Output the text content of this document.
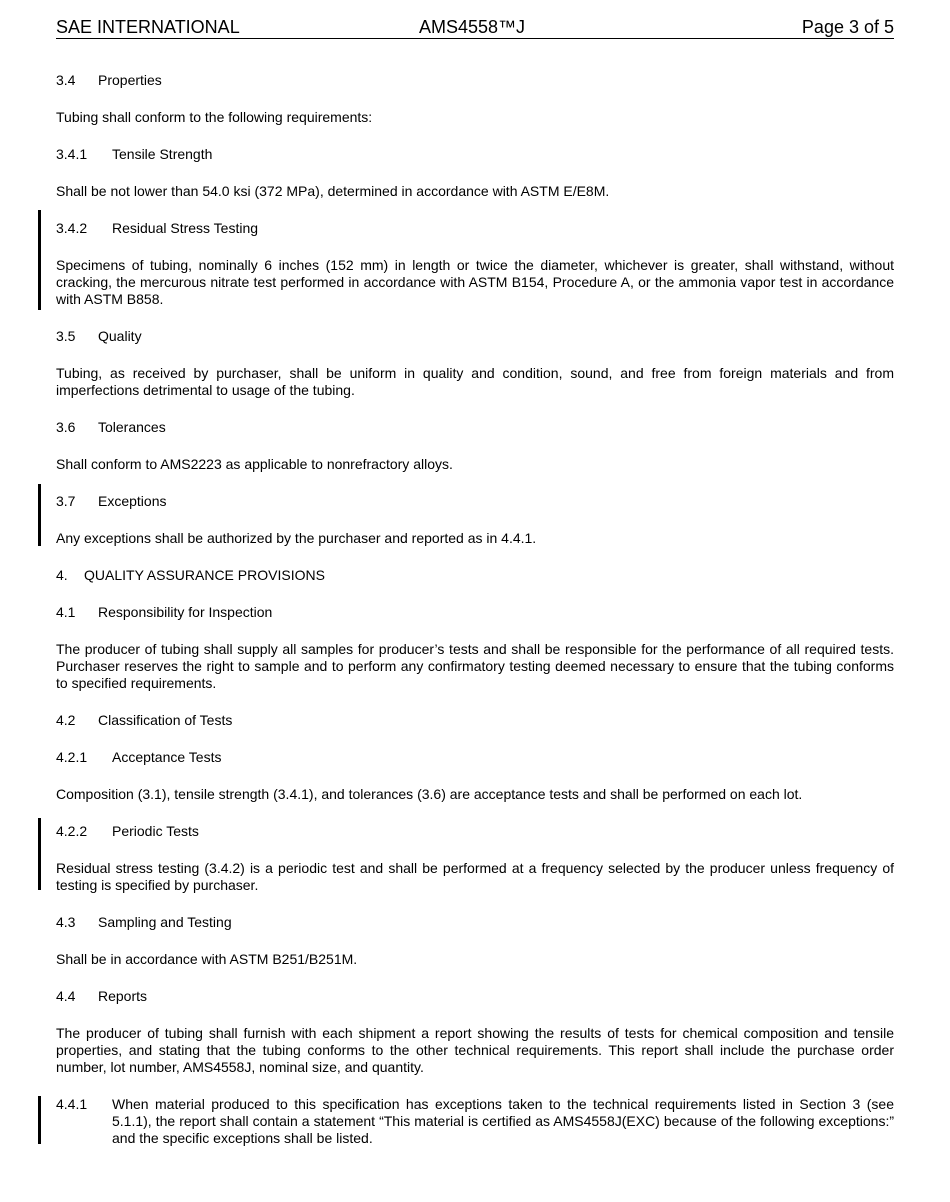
SAE INTERNATIONAL	AMS4558™J	Page 3 of 5
3.4 Properties
Tubing shall conform to the following requirements:
3.4.1 Tensile Strength
Shall be not lower than 54.0 ksi (372 MPa), determined in accordance with ASTM E/E8M.
3.4.2 Residual Stress Testing
Specimens of tubing, nominally 6 inches (152 mm) in length or twice the diameter, whichever is greater, shall withstand, without cracking, the mercurous nitrate test performed in accordance with ASTM B154, Procedure A, or the ammonia vapor test in accordance with ASTM B858.
3.5 Quality
Tubing, as received by purchaser, shall be uniform in quality and condition, sound, and free from foreign materials and from imperfections detrimental to usage of the tubing.
3.6 Tolerances
Shall conform to AMS2223 as applicable to nonrefractory alloys.
3.7 Exceptions
Any exceptions shall be authorized by the purchaser and reported as in 4.4.1.
4. QUALITY ASSURANCE PROVISIONS
4.1 Responsibility for Inspection
The producer of tubing shall supply all samples for producer’s tests and shall be responsible for the performance of all required tests. Purchaser reserves the right to sample and to perform any confirmatory testing deemed necessary to ensure that the tubing conforms to specified requirements.
4.2 Classification of Tests
4.2.1 Acceptance Tests
Composition (3.1), tensile strength (3.4.1), and tolerances (3.6) are acceptance tests and shall be performed on each lot.
4.2.2 Periodic Tests
Residual stress testing (3.4.2) is a periodic test and shall be performed at a frequency selected by the producer unless frequency of testing is specified by purchaser.
4.3 Sampling and Testing
Shall be in accordance with ASTM B251/B251M.
4.4 Reports
The producer of tubing shall furnish with each shipment a report showing the results of tests for chemical composition and tensile properties, and stating that the tubing conforms to the other technical requirements. This report shall include the purchase order number, lot number, AMS4558J, nominal size, and quantity.
4.4.1	When material produced to this specification has exceptions taken to the technical requirements listed in Section 3 (see 5.1.1), the report shall contain a statement “This material is certified as AMS4558J(EXC) because of the following exceptions:” and the specific exceptions shall be listed.
